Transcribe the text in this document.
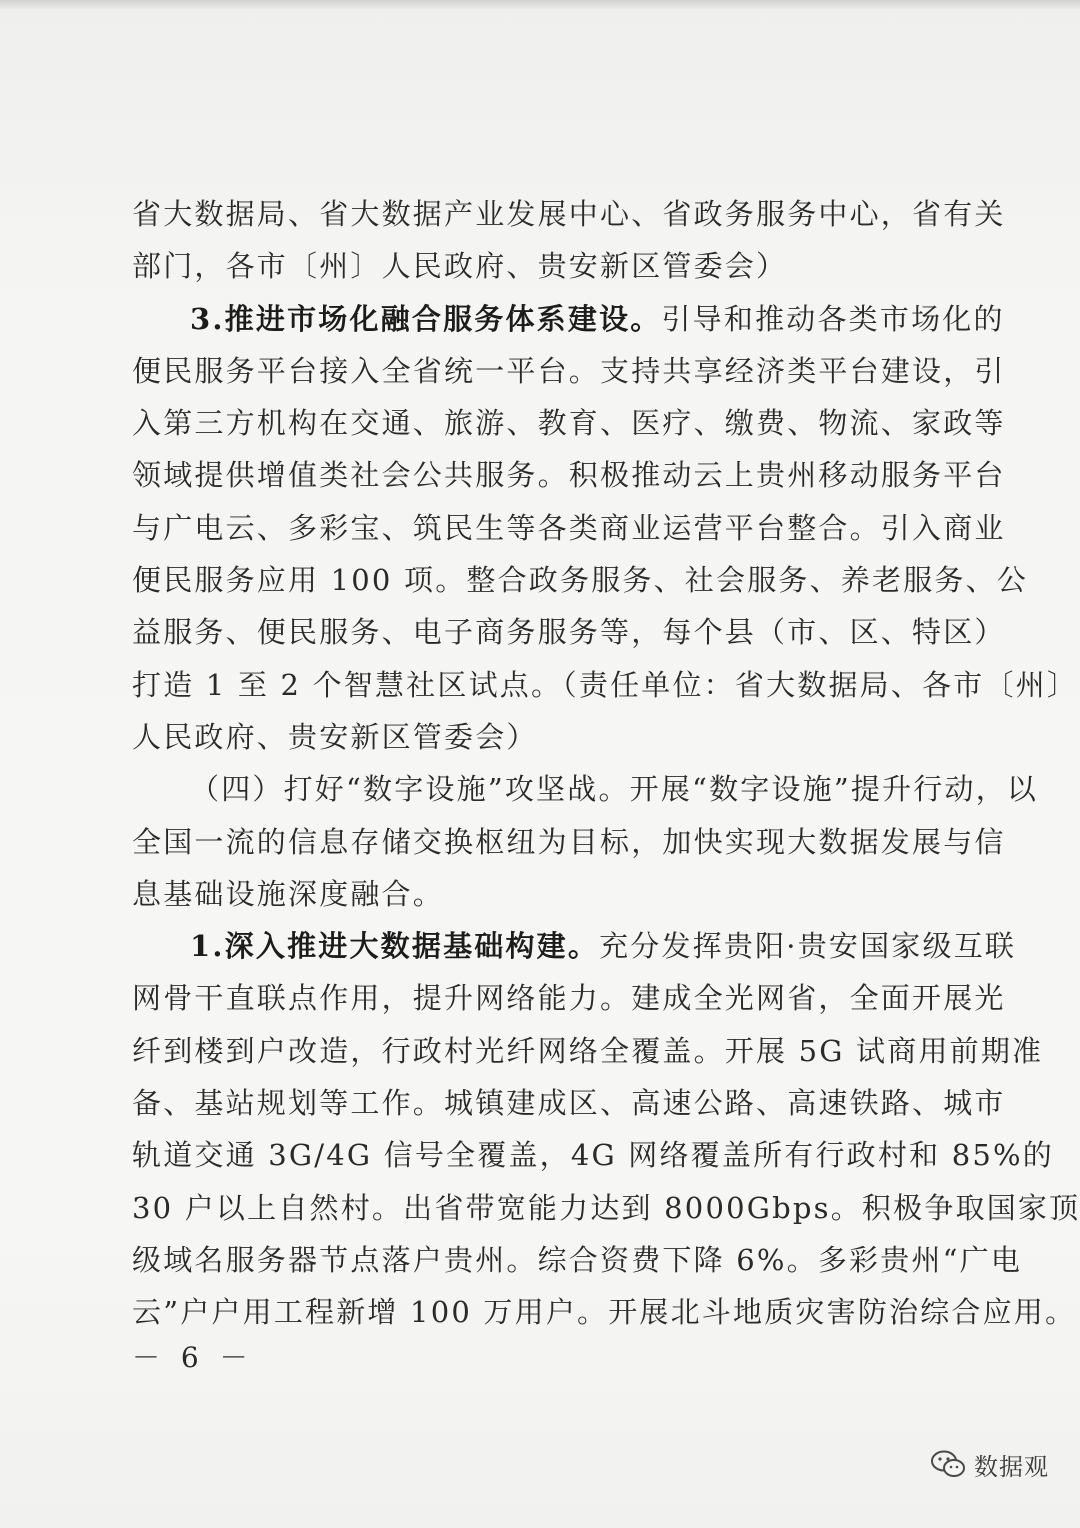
省大数据局、省大数据产业发展中心、省政务服务中心，省有关
部门，各市〔州〕人民政府、贵安新区管委会）
3.推进市场化融合服务体系建设。引导和推动各类市场化的
便民服务平台接入全省统一平台。支持共享经济类平台建设，引
入第三方机构在交通、旅游、教育、医疗、缴费、物流、家政等
领域提供增值类社会公共服务。积极推动云上贵州移动服务平台
与广电云、多彩宝、筑民生等各类商业运营平台整合。引入商业
便民服务应用 100 项。整合政务服务、社会服务、养老服务、公
益服务、便民服务、电子商务服务等，每个县（市、区、特区）
打造 1 至 2 个智慧社区试点。（责任单位：省大数据局、各市〔州〕
人民政府、贵安新区管委会）
（四）打好“数字设施”攻坚战。开展“数字设施”提升行动，以
全国一流的信息存储交换枢纽为目标，加快实现大数据发展与信
息基础设施深度融合。
1.深入推进大数据基础构建。充分发挥贵阳·贵安国家级互联
网骨干直联点作用，提升网络能力。建成全光网省，全面开展光
纤到楼到户改造，行政村光纤网络全覆盖。开展 5G 试商用前期准
备、基站规划等工作。城镇建成区、高速公路、高速铁路、城市
轨道交通 3G/4G 信号全覆盖，4G 网络覆盖所有行政村和 85%的
30 户以上自然村。出省带宽能力达到 8000Gbps。积极争取国家顶
级域名服务器节点落户贵州。综合资费下降 6%。多彩贵州“广电
云”户户用工程新增 100 万用户。开展北斗地质灾害防治综合应用。
－ 6 －
数据观
